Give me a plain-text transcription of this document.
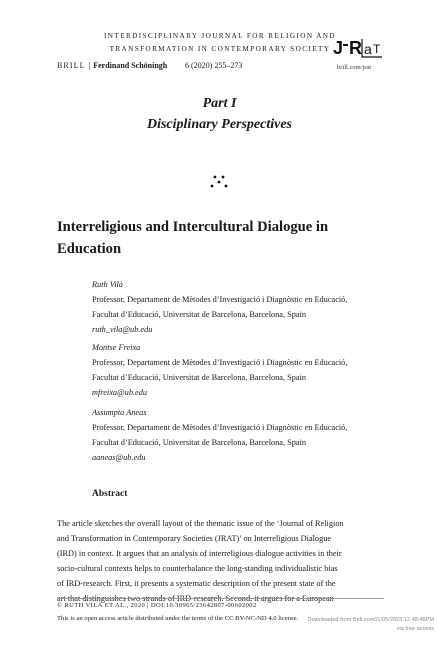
INTERDISCIPLINARY JOURNAL FOR RELIGION AND
TRANSFORMATION IN CONTEMPORARY SOCIETY
BRILL | Ferdinand Schöningh 6 (2020) 255–273
J R a T
brill.com/jrat
Part I
Disciplinary Perspectives
Interreligious and Intercultural Dialogue in
Education
Ruth Vilà
Professor, Departament de Mètodes d’Investigació i Diagnòstic en Educació,
Facultat d’Educació, Universitat de Barcelona, Barcelona, Spain
ruth_vila@ub.edu
Montse Freixa
Professor, Departament de Mètodes d’Investigació i Diagnòstic en Educació,
Facultat d’Educació, Universitat de Barcelona, Barcelona, Spain
mfreixa@ub.edu
Assumpta Aneas
Professor, Departament de Mètodes d’Investigació i Diagnòstic en Educació,
Facultat d’Educació, Universitat de Barcelona, Barcelona, Spain
aaneas@ub.edu
Abstract

The article sketches the overall layout of the thematic issue of the ‘Journal of Religion

and Transformation in Contemporary Societies (JRAT)’ on Interreligious Dialogue

(IRD) in context. It argues that an analysis of interreligious dialogue activities in their

socio-cultural contexts helps to counterbalance the long-standing individualistic bias

of IRD-research. First, it presents a systematic description of the present state of the

art that distinguishes two strands of IRD-research. Second, it argues for a European

© RUTH VILÀ ET AL., 2020 | DOI:10.30965/23642807-00602002
This is an open access article distributed under the terms of the CC BY-NC-ND 4.0 license.	Downloaded from Brill.com01/05/2023 12:48:48PM
via free access
